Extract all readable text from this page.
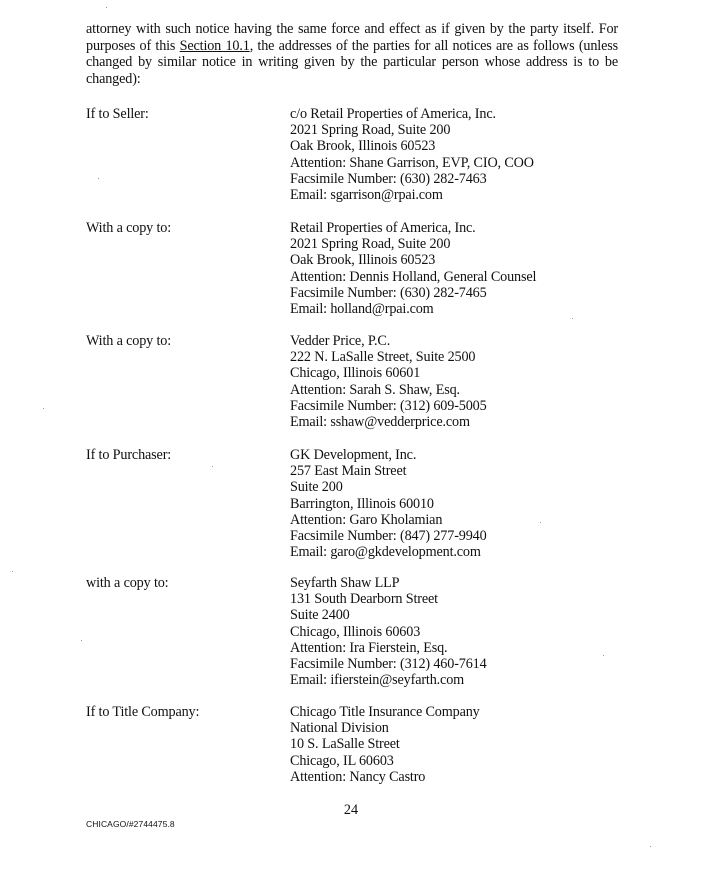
attorney with such notice having the same force and effect as if given by the party itself. For purposes of this Section 10.1, the addresses of the parties for all notices are as follows (unless changed by similar notice in writing given by the particular person whose address is to be changed):
If to Seller:	c/o Retail Properties of America, Inc.
2021 Spring Road, Suite 200
Oak Brook, Illinois 60523
Attention: Shane Garrison, EVP, CIO, COO
Facsimile Number: (630) 282-7463
Email: sgarrison@rpai.com
With a copy to:	Retail Properties of America, Inc.
2021 Spring Road, Suite 200
Oak Brook, Illinois 60523
Attention: Dennis Holland, General Counsel
Facsimile Number: (630) 282-7465
Email: holland@rpai.com
With a copy to:	Vedder Price, P.C.
222 N. LaSalle Street, Suite 2500
Chicago, Illinois 60601
Attention: Sarah S. Shaw, Esq.
Facsimile Number: (312) 609-5005
Email: sshaw@vedderprice.com
If to Purchaser:	GK Development, Inc.
257 East Main Street
Suite 200
Barrington, Illinois 60010
Attention: Garo Kholamian
Facsimile Number: (847) 277-9940
Email: garo@gkdevelopment.com
with a copy to:	Seyfarth Shaw LLP
131 South Dearborn Street
Suite 2400
Chicago, Illinois 60603
Attention: Ira Fierstein, Esq.
Facsimile Number: (312) 460-7614
Email: ifierstein@seyfarth.com
If to Title Company:	Chicago Title Insurance Company
National Division
10 S. LaSalle Street
Chicago, IL 60603
Attention: Nancy Castro
24
CHICAGO/#2744475.8
